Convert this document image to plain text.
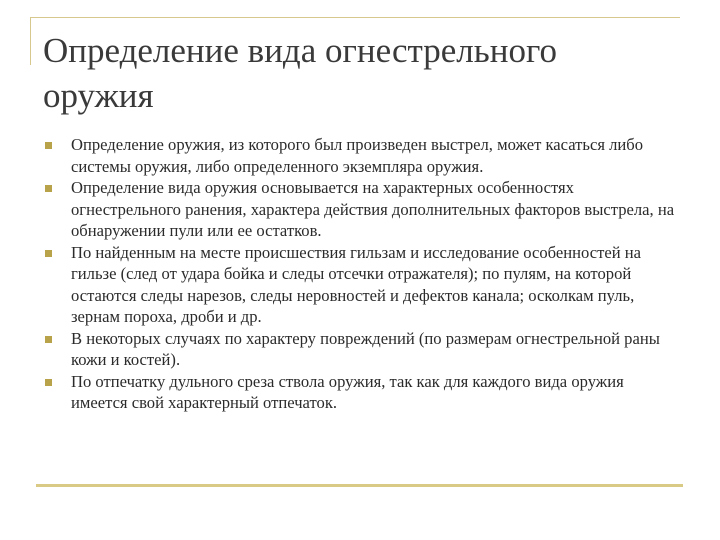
Определение вида огнестрельного оружия
Определение оружия, из которого был произведен выстрел, может касаться либо системы оружия, либо определенного экземпляра оружия.
Определение вида оружия основывается на характерных особенностях огнестрельного ранения, характера действия дополнительных факторов выстрела, на обнаружении пули или ее остатков.
По найденным на месте происшествия гильзам и исследование особенностей на гильзе (след от удара бойка и следы отсечки отражателя); по пулям, на которой остаются следы нарезов, следы неровностей и дефектов канала; осколкам пуль, зернам пороха, дроби и др.
В некоторых случаях по характеру повреждений (по размерам огнестрельной раны кожи и костей).
По отпечатку дульного среза ствола оружия, так как для каждого вида оружия имеется свой характерный отпечаток.
